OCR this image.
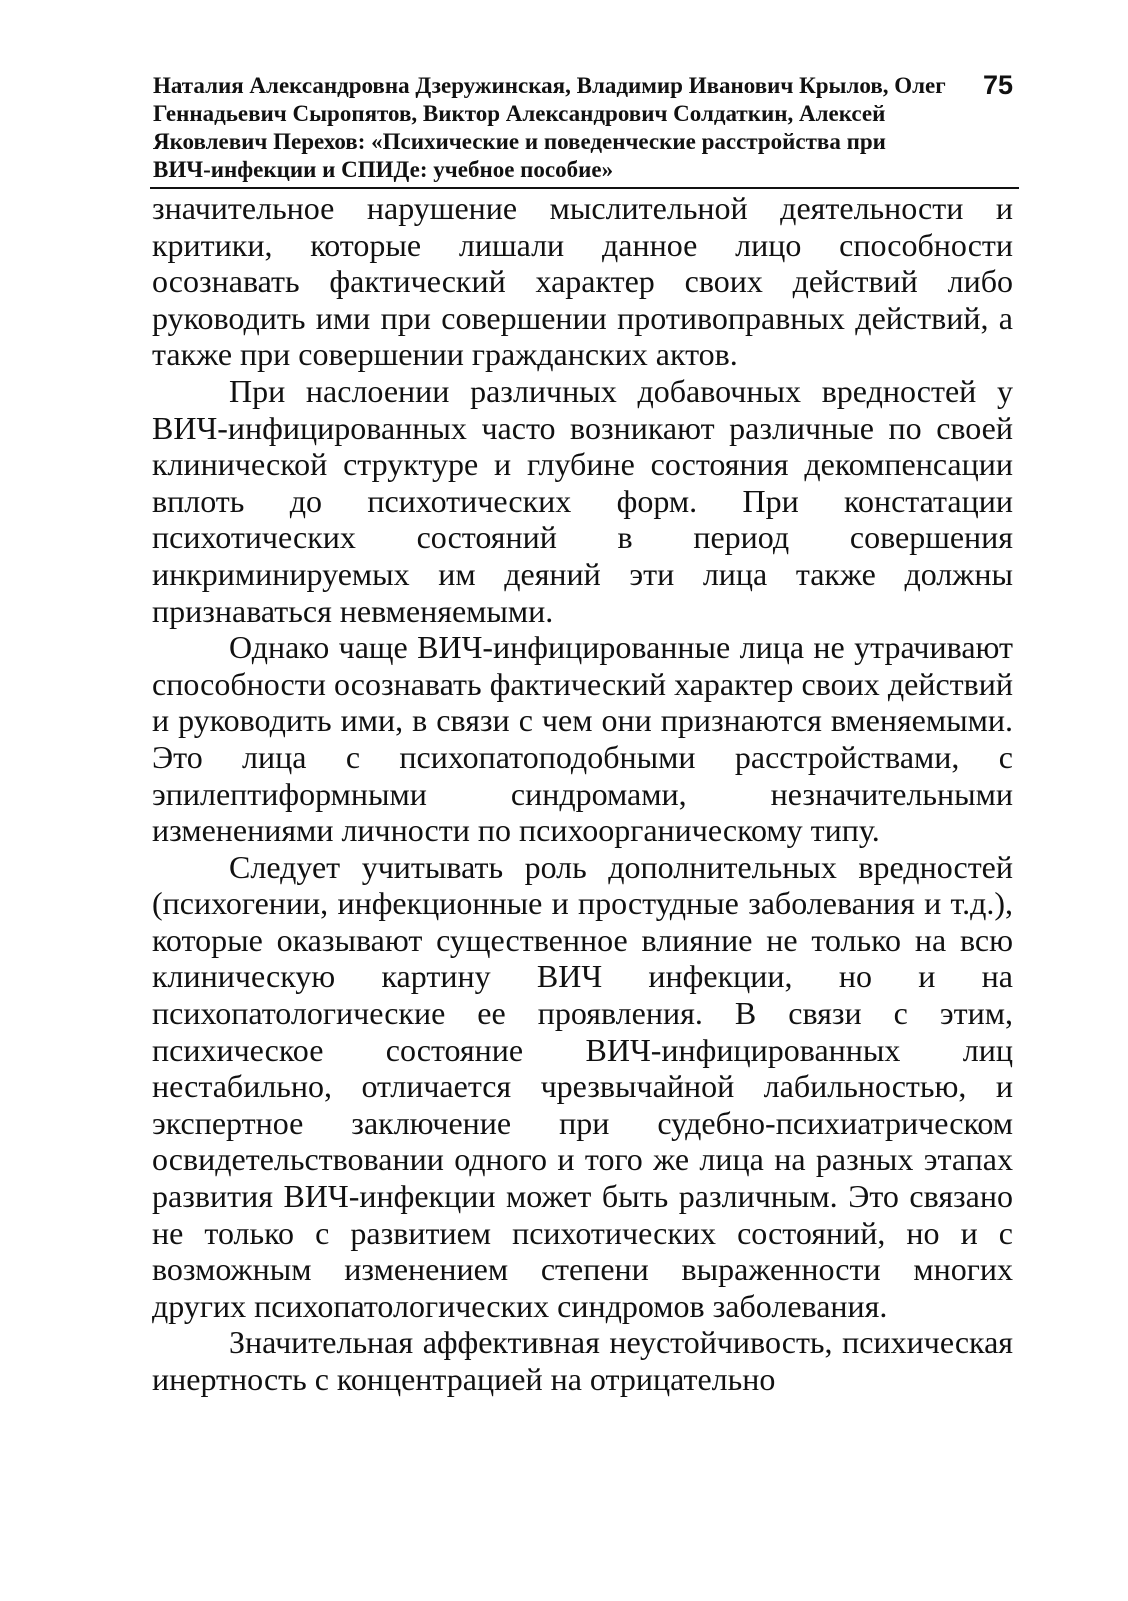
Наталия Александровна Дзеружинская, Владимир Иванович Крылов, Олег
Геннадьевич Сыропятов, Виктор Александрович Солдаткин, Алексей
Яковлевич Перехов: «Психические и поведенческие расстройства при
ВИЧ-инфекции и СПИДе: учебное пособие»
75

значительное нарушение мыслительной деятельности и критики, которые лишали данное лицо способности осознавать фактический характер своих действий либо руководить ими при совершении противоправных действий, а также при совершении гражданских актов.

При наслоении различных добавочных вредностей у ВИЧ-инфицированных часто возникают различные по своей клинической структуре и глубине состояния декомпенсации вплоть до психотических форм. При констатации психотических состояний в период совершения инкриминируемых им деяний эти лица также должны признаваться невменяемыми.

Однако чаще ВИЧ-инфицированные лица не утрачивают способности осознавать фактический характер своих действий и руководить ими, в связи с чем они признаются вменяемыми. Это лица с психопатоподобными расстройствами, с эпилептиформными синдромами, незначительными изменениями личности по психоорганическому типу.

Следует учитывать роль дополнительных вредностей (психогении, инфекционные и простудные заболевания и т.д.), которые оказывают существенное влияние не только на всю клиническую картину ВИЧ инфекции, но и на психопатологические ее проявления. В связи с этим, психическое состояние ВИЧ-инфицированных лиц нестабильно, отличается чрезвычайной лабильностью, и экспертное заключение при судебно-психиатрическом освидетельствовании одного и того же лица на разных этапах развития ВИЧ-инфекции может быть различным. Это связано не только с развитием психотических состояний, но и с возможным изменением степени выраженности многих других психопатологических синдромов заболевания.

Значительная аффективная неустойчивость, психическая инертность с концентрацией на отрицательно
